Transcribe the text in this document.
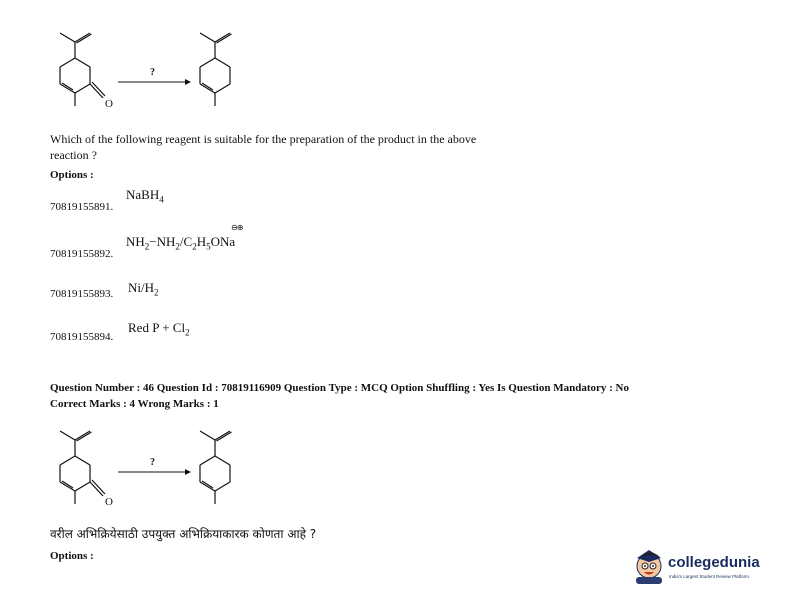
O
?
Which of the following reagent is suitable for the preparation of the product in the above
reaction ?
Options :
NaBH$_4$
70819155891.
⊖⊕
$NH_2-NH_2/C_2H_5ONa$
70819155892.
$Ni/H_2$
70819155893.
Red $P + Cl_2$
70819155894.
Question Number : 46 Question Id : 70819116909 Question Type : MCQ Option Shuffling : Yes Is Question Mandatory : No
Correct Marks : 4 Wrong Marks : 1
O
?
वरील अभिक्रियेसाठी उपयुक्त अभिक्रियाकारक कोणता आहे ?
Options :	collegedunia
India's Largest Student Review Platform
